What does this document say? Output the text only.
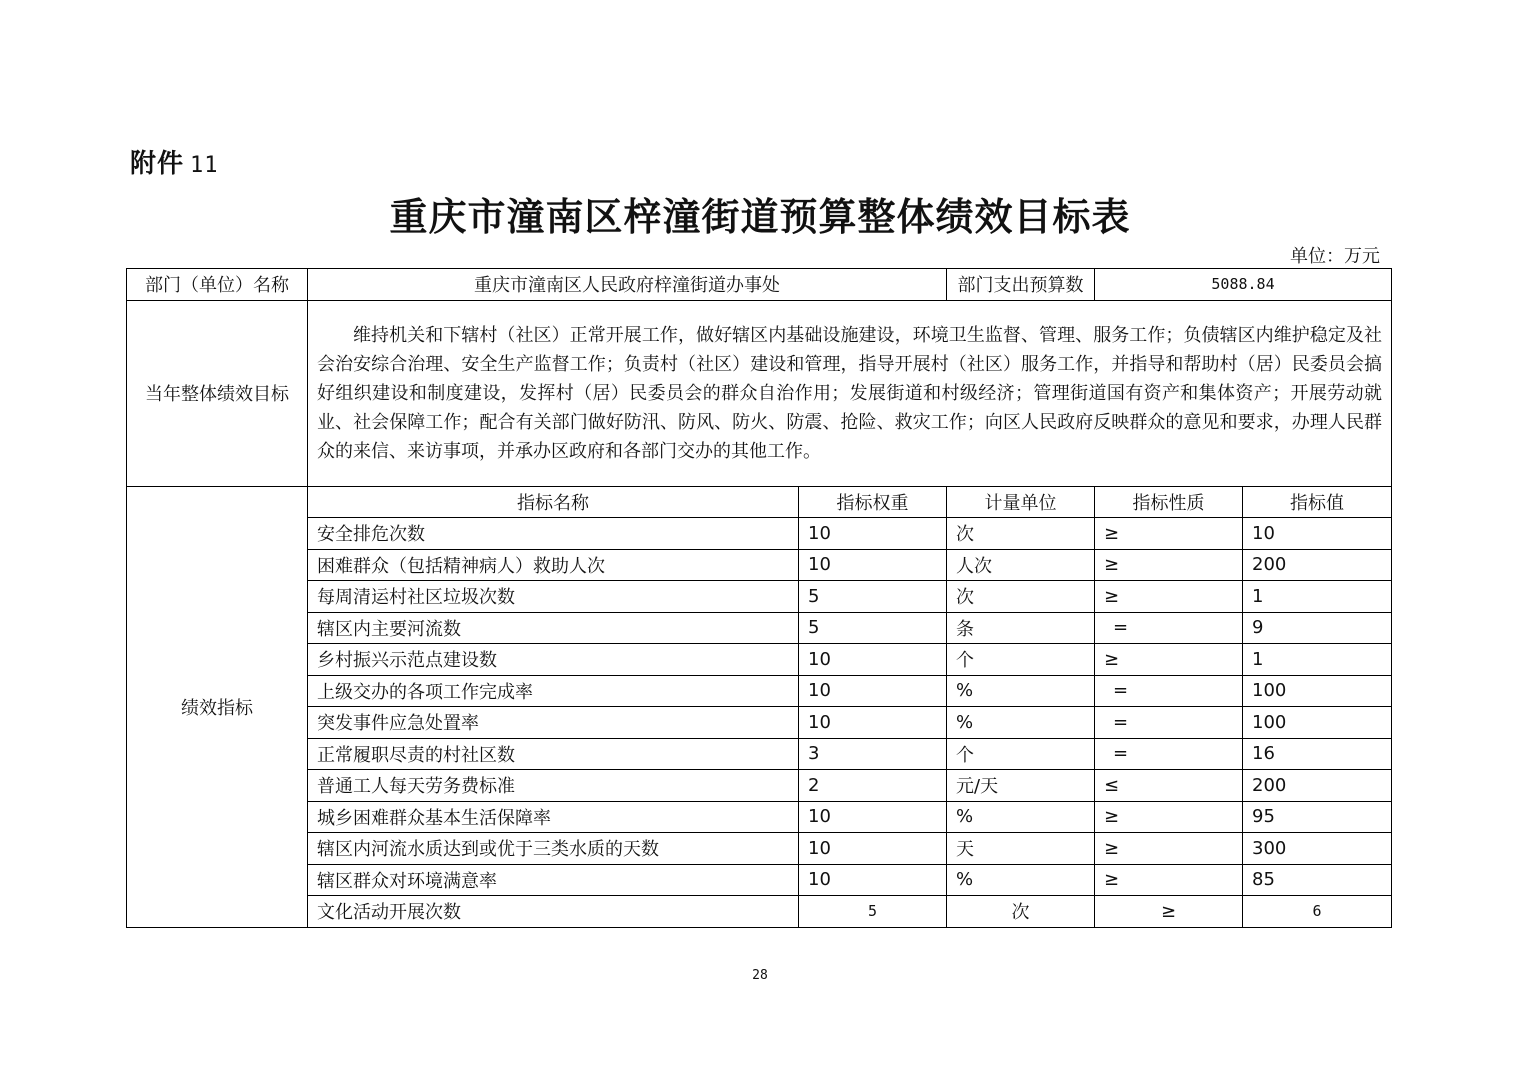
附件 11
重庆市潼南区梓潼街道预算整体绩效目标表
单位：万元
部门（单位）名称	重庆市潼南区人民政府梓潼街道办事处		部门支出预算数	5088.84	
当年整体绩效目标	维持机关和下辖村（社区）正常开展工作，做好辖区内基础设施建设，环境卫生监督、管理、服务工作；负债辖区内维护稳定及社会治安综合治理、安全生产监督工作；负责村（社区）建设和管理，指导开展村（社区）服务工作，并指导和帮助村（居）民委员会搞好组织建设和制度建设，发挥村（居）民委员会的群众自治作用；发展街道和村级经济；管理街道国有资产和集体资产；开展劳动就业、社会保障工作；配合有关部门做好防汛、防风、防火、防震、抢险、救灾工作；向区人民政府反映群众的意见和要求，办理人民群众的来信、来访事项，并承办区政府和各部门交办的其他工作。				
绩效指标	指标名称	指标权重	计量单位	指标性质	指标值
	安全排危次数	10	次	≥	10
	困难群众（包括精神病人）救助人次	10	人次	≥	200
	每周清运村社区垃圾次数	5	次	≥	1
	辖区内主要河流数	5	条	=	9
	乡村振兴示范点建设数	10	个	≥	1
	上级交办的各项工作完成率	10	%	=	100
	突发事件应急处置率	10	%	=	100
	正常履职尽责的村社区数	3	个	=	16
	普通工人每天劳务费标准	2	元/天	≤	200
	城乡困难群众基本生活保障率	10	%	≥	95
	辖区内河流水质达到或优于三类水质的天数	10	天	≥	300
	辖区群众对环境满意率	10	%	≥	85
	文化活动开展次数	5	次	≥	6
28
